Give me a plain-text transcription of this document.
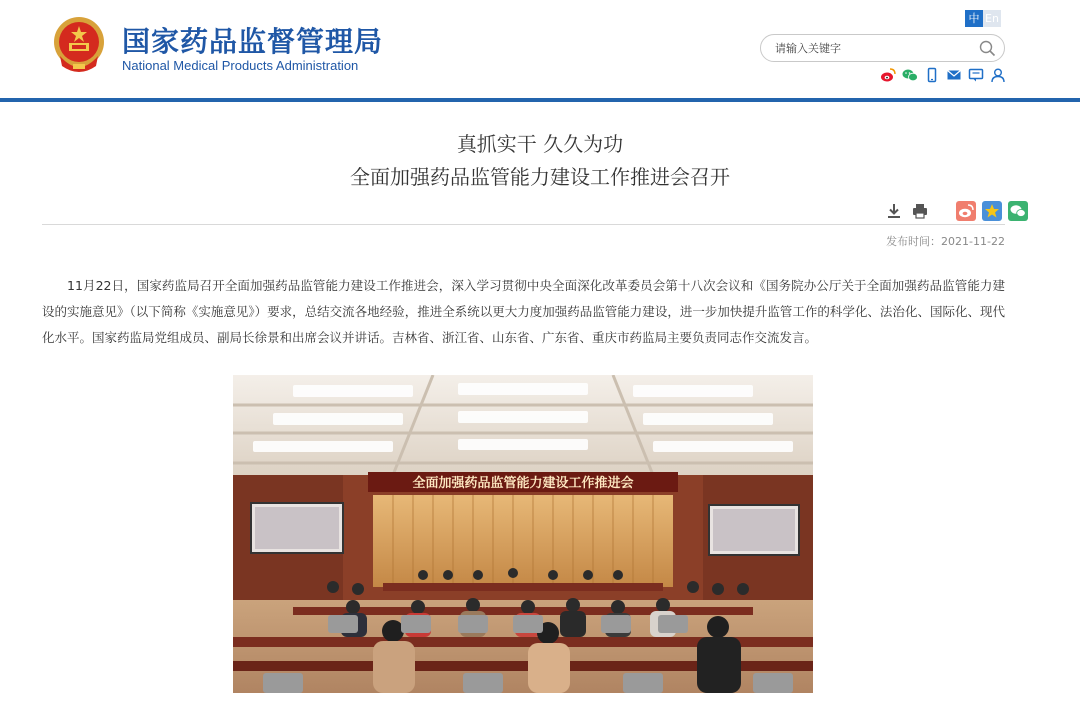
国家药品监督管理局
National Medical Products Administration
中 En
请输入关键字
真抓实干 久久为功
全面加强药品监管能力建设工作推进会召开
发布时间：2021-11-22

11月22日，国家药监局召开全面加强药品监管能力建设工作推进会，深入学习贯彻中央全面深化改革委员会第十八次会议和《国务院办公厅关于全面加强药品监管能力建设的实施意见》（以下简称《实施意见》）要求，总结交流各地经验，推进全系统以更大力度加强药品监管能力建设，进一步加快提升监管工作的科学化、法治化、国际化、现代化水平。国家药监局党组成员、副局长徐景和出席会议并讲话。吉林省、浙江省、山东省、广东省、重庆市药监局主要负责同志作交流发言。

全面加强药品监管能力建设工作推进会
